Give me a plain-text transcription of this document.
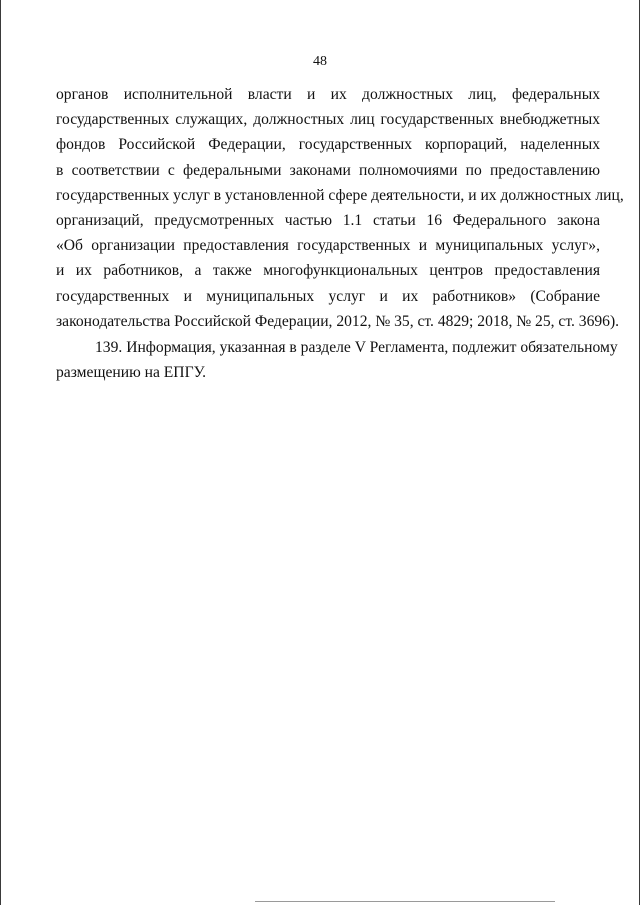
48
органов исполнительной власти и их должностных лиц, федеральных
государственных служащих, должностных лиц государственных внебюджетных
фондов Российской Федерации, государственных корпораций, наделенных
в соответствии с федеральными законами полномочиями по предоставлению
государственных услуг в установленной сфере деятельности, и их должностных лиц,
организаций, предусмотренных частью 1.1 статьи 16 Федерального закона
«Об организации предоставления государственных и муниципальных услуг»,
и их работников, а также многофункциональных центров предоставления
государственных и муниципальных услуг и их работников» (Собрание
законодательства Российской Федерации, 2012, № 35, ст. 4829; 2018, № 25, ст. 3696).
139. Информация, указанная в разделе V Регламента, подлежит обязательному
размещению на ЕПГУ.
